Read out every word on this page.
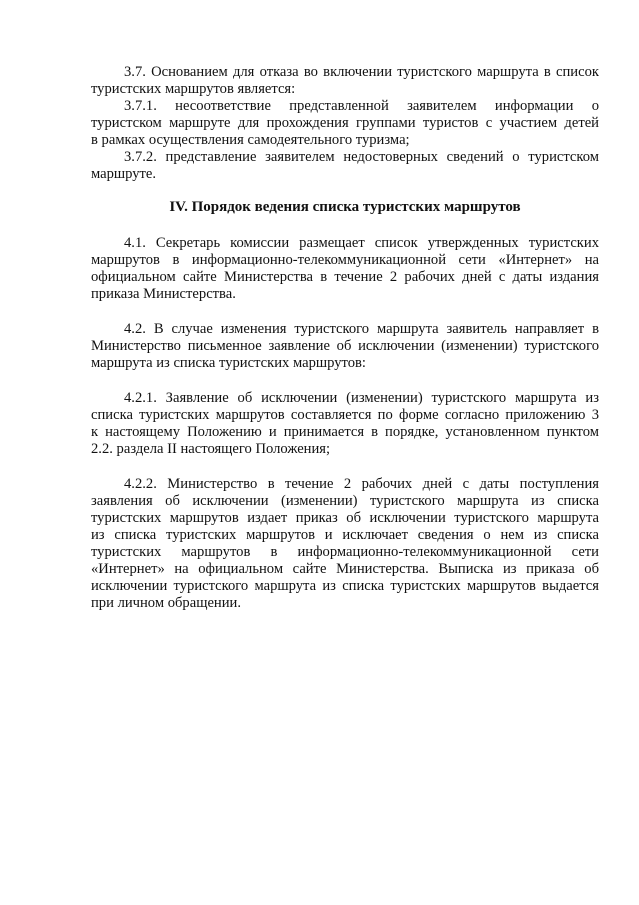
3.7. Основанием для отказа во включении туристского маршрута в список

туристских маршрутов является:

3.7.1. несоответствие представленной заявителем информации о

туристском маршруте для прохождения группами туристов с участием детей

в рамках осуществления самодеятельного туризма;

3.7.2. представление заявителем недостоверных сведений о туристском

маршруте.

IV. Порядок ведения списка туристских маршрутов

4.1. Секретарь комиссии размещает список утвержденных туристских

маршрутов в информационно-телекоммуникационной сети «Интернет» на

официальном сайте Министерства в течение 2 рабочих дней с даты издания

приказа Министерства.

4.2. В случае изменения туристского маршрута заявитель направляет в

Министерство письменное заявление об исключении (изменении) туристского

маршрута из списка туристских маршрутов:

4.2.1. Заявление об исключении (изменении) туристского маршрута из

списка туристских маршрутов составляется по форме согласно приложению 3

к настоящему Положению и принимается в порядке, установленном пунктом

2.2. раздела II настоящего Положения;

4.2.2. Министерство в течение 2 рабочих дней с даты поступления

заявления об исключении (изменении) туристского маршрута из списка

туристских маршрутов издает приказ об исключении туристского маршрута

из списка туристских маршрутов и исключает сведения о нем из списка

туристских маршрутов в информационно-телекоммуникационной сети

«Интернет» на официальном сайте Министерства. Выписка из приказа об

исключении туристского маршрута из списка туристских маршрутов выдается

при личном обращении.
